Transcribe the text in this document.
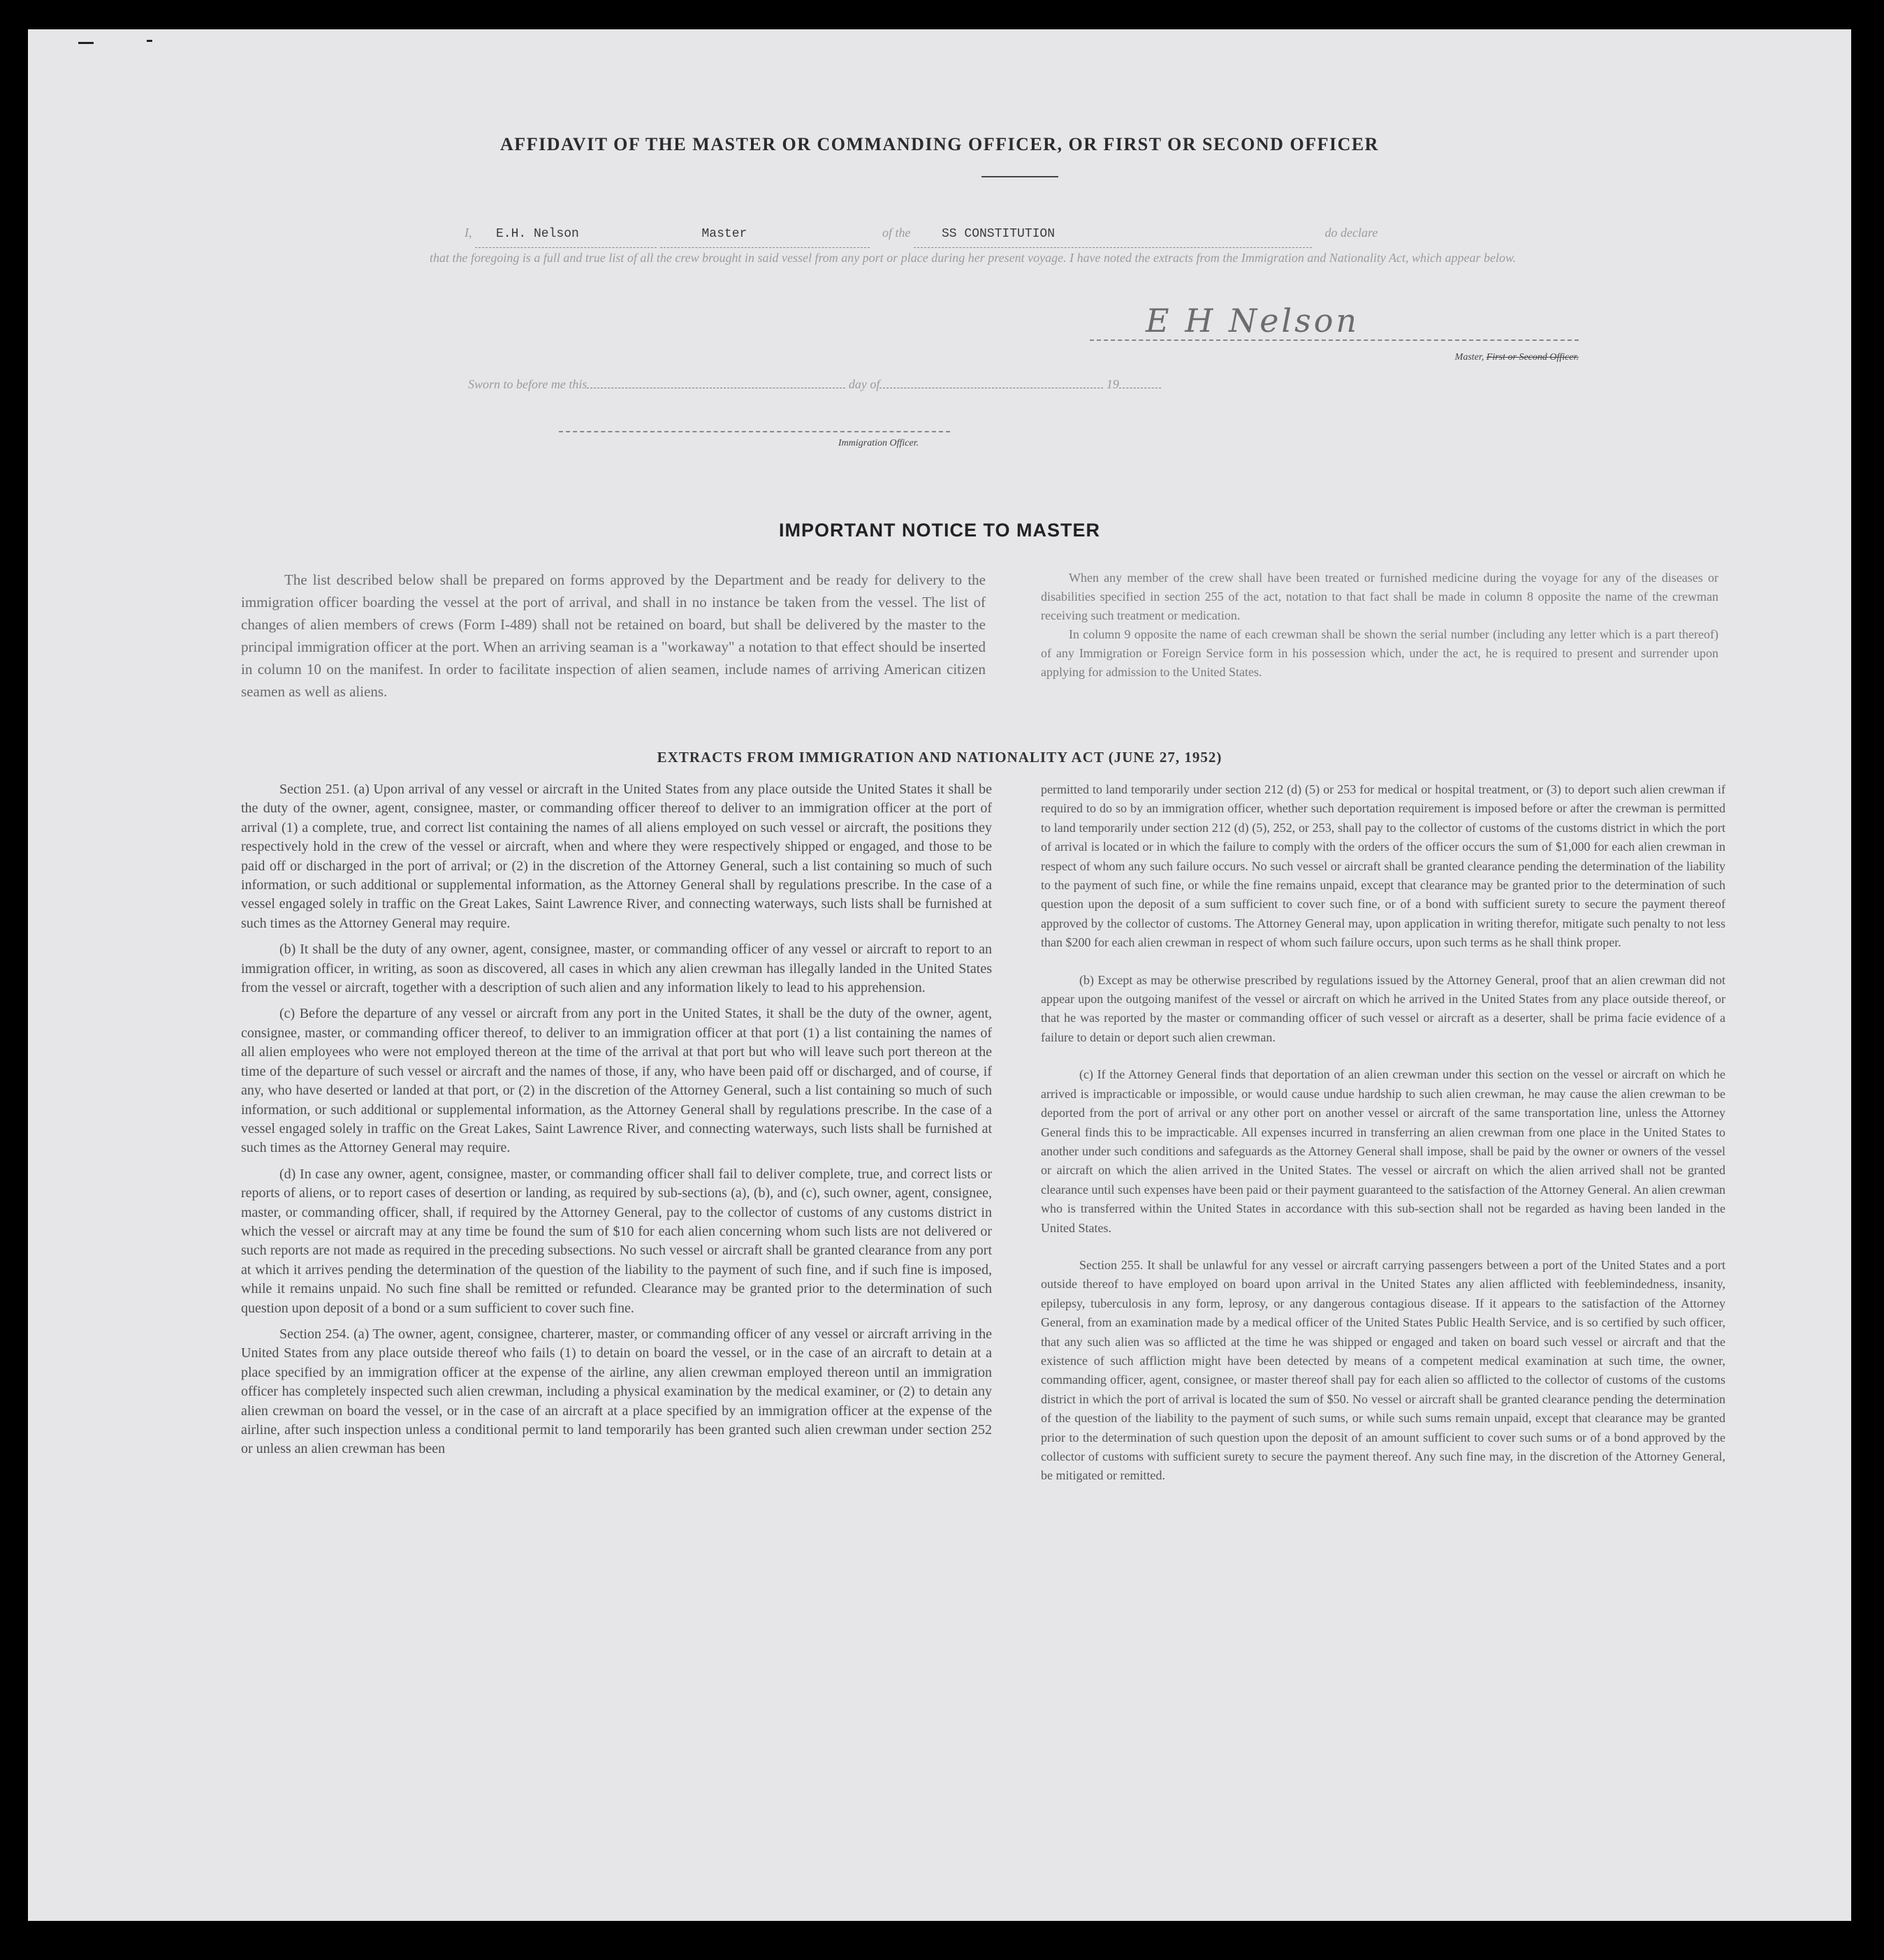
AFFIDAVIT OF THE MASTER OR COMMANDING OFFICER, OR FIRST OR SECOND OFFICER
I, E.H. Nelson	Master	of the SS CONSTITUTION	do declare
that the foregoing is a full and true list of all the crew brought in said vessel from any port or place during her present voyage. I have noted the extracts from the Immigration and Nationality Act, which appear below.
E H Nelson
Master, First or Second Officer.
Sworn to before me this	day of	19
Immigration Officer.
IMPORTANT NOTICE TO MASTER

The list described below shall be prepared on forms approved by the Department and be ready for delivery to the immigration officer boarding the vessel at the port of arrival, and shall in no instance be taken from the vessel. The list of changes of alien members of crews (Form I-489) shall not be retained on board, but shall be delivered by the master to the principal immigration officer at the port. When an arriving seaman is a "workaway" a notation to that effect should be inserted in column 10 on the manifest. In order to facilitate inspection of alien seamen, include names of arriving American citizen seamen as well as aliens.

When any member of the crew shall have been treated or furnished medicine during the voyage for any of the diseases or disabilities specified in section 255 of the act, notation to that fact shall be made in column 8 opposite the name of the crewman receiving such treatment or medication.

In column 9 opposite the name of each crewman shall be shown the serial number (including any letter which is a part thereof) of any Immigration or Foreign Service form in his possession which, under the act, he is required to present and surrender upon applying for admission to the United States.

EXTRACTS FROM IMMIGRATION AND NATIONALITY ACT (JUNE 27, 1952)

Section 251. (a) Upon arrival of any vessel or aircraft in the United States from any place outside the United States it shall be the duty of the owner, agent, consignee, master, or commanding officer thereof to deliver to an immigration officer at the port of arrival (1) a complete, true, and correct list containing the names of all aliens employed on such vessel or aircraft, the positions they respectively hold in the crew of the vessel or aircraft, when and where they were respectively shipped or engaged, and those to be paid off or discharged in the port of arrival; or (2) in the discretion of the Attorney General, such a list containing so much of such information, or such additional or supplemental information, as the Attorney General shall by regulations prescribe. In the case of a vessel engaged solely in traffic on the Great Lakes, Saint Lawrence River, and connecting waterways, such lists shall be furnished at such times as the Attorney General may require.

(b) It shall be the duty of any owner, agent, consignee, master, or commanding officer of any vessel or aircraft to report to an immigration officer, in writing, as soon as discovered, all cases in which any alien crewman has illegally landed in the United States from the vessel or aircraft, together with a description of such alien and any information likely to lead to his apprehension.

(c) Before the departure of any vessel or aircraft from any port in the United States, it shall be the duty of the owner, agent, consignee, master, or commanding officer thereof, to deliver to an immigration officer at that port (1) a list containing the names of all alien employees who were not employed thereon at the time of the arrival at that port but who will leave such port thereon at the time of the departure of such vessel or aircraft and the names of those, if any, who have been paid off or discharged, and of course, if any, who have deserted or landed at that port, or (2) in the discretion of the Attorney General, such a list containing so much of such information, or such additional or supplemental information, as the Attorney General shall by regulations prescribe. In the case of a vessel engaged solely in traffic on the Great Lakes, Saint Lawrence River, and connecting waterways, such lists shall be furnished at such times as the Attorney General may require.

(d) In case any owner, agent, consignee, master, or commanding officer shall fail to deliver complete, true, and correct lists or reports of aliens, or to report cases of desertion or landing, as required by sub-sections (a), (b), and (c), such owner, agent, consignee, master, or commanding officer, shall, if required by the Attorney General, pay to the collector of customs of any customs district in which the vessel or aircraft may at any time be found the sum of $10 for each alien concerning whom such lists are not delivered or such reports are not made as required in the preceding subsections. No such vessel or aircraft shall be granted clearance from any port at which it arrives pending the determination of the question of the liability to the payment of such fine, and if such fine is imposed, while it remains unpaid. No such fine shall be remitted or refunded. Clearance may be granted prior to the determination of such question upon deposit of a bond or a sum sufficient to cover such fine.

Section 254. (a) The owner, agent, consignee, charterer, master, or commanding officer of any vessel or aircraft arriving in the United States from any place outside thereof who fails (1) to detain on board the vessel, or in the case of an aircraft to detain at a place specified by an immigration officer at the expense of the airline, any alien crewman employed thereon until an immigration officer has completely inspected such alien crewman, including a physical examination by the medical examiner, or (2) to detain any alien crewman on board the vessel, or in the case of an aircraft at a place specified by an immigration officer at the expense of the airline, after such inspection unless a conditional permit to land temporarily has been granted such alien crewman under section 252 or unless an alien crewman has been

permitted to land temporarily under section 212 (d) (5) or 253 for medical or hospital treatment, or (3) to deport such alien crewman if required to do so by an immigration officer, whether such deportation requirement is imposed before or after the crewman is permitted to land temporarily under section 212 (d) (5), 252, or 253, shall pay to the collector of customs of the customs district in which the port of arrival is located or in which the failure to comply with the orders of the officer occurs the sum of $1,000 for each alien crewman in respect of whom any such failure occurs. No such vessel or aircraft shall be granted clearance pending the determination of the liability to the payment of such fine, or while the fine remains unpaid, except that clearance may be granted prior to the determination of such question upon the deposit of a sum sufficient to cover such fine, or of a bond with sufficient surety to secure the payment thereof approved by the collector of customs. The Attorney General may, upon application in writing therefor, mitigate such penalty to not less than $200 for each alien crewman in respect of whom such failure occurs, upon such terms as he shall think proper.

(b) Except as may be otherwise prescribed by regulations issued by the Attorney General, proof that an alien crewman did not appear upon the outgoing manifest of the vessel or aircraft on which he arrived in the United States from any place outside thereof, or that he was reported by the master or commanding officer of such vessel or aircraft as a deserter, shall be prima facie evidence of a failure to detain or deport such alien crewman.

(c) If the Attorney General finds that deportation of an alien crewman under this section on the vessel or aircraft on which he arrived is impracticable or impossible, or would cause undue hardship to such alien crewman, he may cause the alien crewman to be deported from the port of arrival or any other port on another vessel or aircraft of the same transportation line, unless the Attorney General finds this to be impracticable. All expenses incurred in transferring an alien crewman from one place in the United States to another under such conditions and safeguards as the Attorney General shall impose, shall be paid by the owner or owners of the vessel or aircraft on which the alien arrived in the United States. The vessel or aircraft on which the alien arrived shall not be granted clearance until such expenses have been paid or their payment guaranteed to the satisfaction of the Attorney General. An alien crewman who is transferred within the United States in accordance with this sub-section shall not be regarded as having been landed in the United States.

Section 255. It shall be unlawful for any vessel or aircraft carrying passengers between a port of the United States and a port outside thereof to have employed on board upon arrival in the United States any alien afflicted with feeblemindedness, insanity, epilepsy, tuberculosis in any form, leprosy, or any dangerous contagious disease. If it appears to the satisfaction of the Attorney General, from an examination made by a medical officer of the United States Public Health Service, and is so certified by such officer, that any such alien was so afflicted at the time he was shipped or engaged and taken on board such vessel or aircraft and that the existence of such affliction might have been detected by means of a competent medical examination at such time, the owner, commanding officer, agent, consignee, or master thereof shall pay for each alien so afflicted to the collector of customs of the customs district in which the port of arrival is located the sum of $50. No vessel or aircraft shall be granted clearance pending the determination of the question of the liability to the payment of such sums, or while such sums remain unpaid, except that clearance may be granted prior to the determination of such question upon the deposit of an amount sufficient to cover such sums or of a bond approved by the collector of customs with sufficient surety to secure the payment thereof. Any such fine may, in the discretion of the Attorney General, be mitigated or remitted.
